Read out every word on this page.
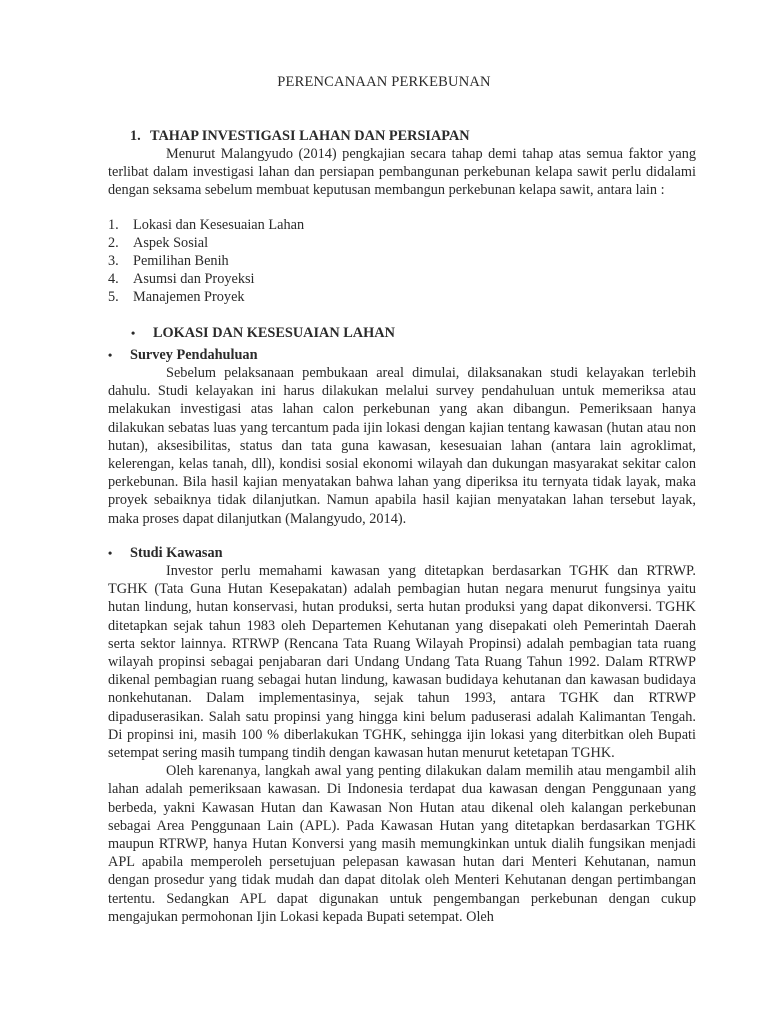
PERENCANAAN PERKEBUNAN
1. TAHAP INVESTIGASI LAHAN DAN PERSIAPAN

Menurut Malangyudo (2014) pengkajian secara tahap demi tahap atas semua faktor yang terlibat dalam investigasi lahan dan persiapan pembangunan perkebunan kelapa sawit perlu didalami dengan seksama sebelum membuat keputusan membangun perkebunan kelapa sawit, antara lain :

1. Lokasi dan Kesesuaian Lahan
2. Aspek Sosial
3. Pemilihan Benih
4. Asumsi dan Proyeksi
5. Manajemen Proyek
• LOKASI DAN KESESUAIAN LAHAN
• Survey Pendahuluan

Sebelum pelaksanaan pembukaan areal dimulai, dilaksanakan studi kelayakan terlebih dahulu. Studi kelayakan ini harus dilakukan melalui survey pendahuluan untuk memeriksa atau melakukan investigasi atas lahan calon perkebunan yang akan dibangun. Pemeriksaan hanya dilakukan sebatas luas yang tercantum pada ijin lokasi dengan kajian tentang kawasan (hutan atau non hutan), aksesibilitas, status dan tata guna kawasan, kesesuaian lahan (antara lain agroklimat, kelerengan, kelas tanah, dll), kondisi sosial ekonomi wilayah dan dukungan masyarakat sekitar calon perkebunan. Bila hasil kajian menyatakan bahwa lahan yang diperiksa itu ternyata tidak layak, maka proyek sebaiknya tidak dilanjutkan. Namun apabila hasil kajian menyatakan lahan tersebut layak, maka proses dapat dilanjutkan (Malangyudo, 2014).

• Studi Kawasan

Investor perlu memahami kawasan yang ditetapkan berdasarkan TGHK dan RTRWP. TGHK (Tata Guna Hutan Kesepakatan) adalah pembagian hutan negara menurut fungsinya yaitu hutan lindung, hutan konservasi, hutan produksi, serta hutan produksi yang dapat dikonversi. TGHK ditetapkan sejak tahun 1983 oleh Departemen Kehutanan yang disepakati oleh Pemerintah Daerah serta sektor lainnya. RTRWP (Rencana Tata Ruang Wilayah Propinsi) adalah pembagian tata ruang wilayah propinsi sebagai penjabaran dari Undang Undang Tata Ruang Tahun 1992. Dalam RTRWP dikenal pembagian ruang sebagai hutan lindung, kawasan budidaya kehutanan dan kawasan budidaya nonkehutanan. Dalam implementasinya, sejak tahun 1993, antara TGHK dan RTRWP dipaduserasikan. Salah satu propinsi yang hingga kini belum paduserasi adalah Kalimantan Tengah. Di propinsi ini, masih 100 % diberlakukan TGHK, sehingga ijin lokasi yang diterbitkan oleh Bupati setempat sering masih tumpang tindih dengan kawasan hutan menurut ketetapan TGHK.

Oleh karenanya, langkah awal yang penting dilakukan dalam memilih atau mengambil alih lahan adalah pemeriksaan kawasan. Di Indonesia terdapat dua kawasan dengan Penggunaan yang berbeda, yakni Kawasan Hutan dan Kawasan Non Hutan atau dikenal oleh kalangan perkebunan sebagai Area Penggunaan Lain (APL). Pada Kawasan Hutan yang ditetapkan berdasarkan TGHK maupun RTRWP, hanya Hutan Konversi yang masih memungkinkan untuk dialih fungsikan menjadi APL apabila memperoleh persetujuan pelepasan kawasan hutan dari Menteri Kehutanan, namun dengan prosedur yang tidak mudah dan dapat ditolak oleh Menteri Kehutanan dengan pertimbangan tertentu. Sedangkan APL dapat digunakan untuk pengembangan perkebunan dengan cukup mengajukan permohonan Ijin Lokasi kepada Bupati setempat. Oleh
